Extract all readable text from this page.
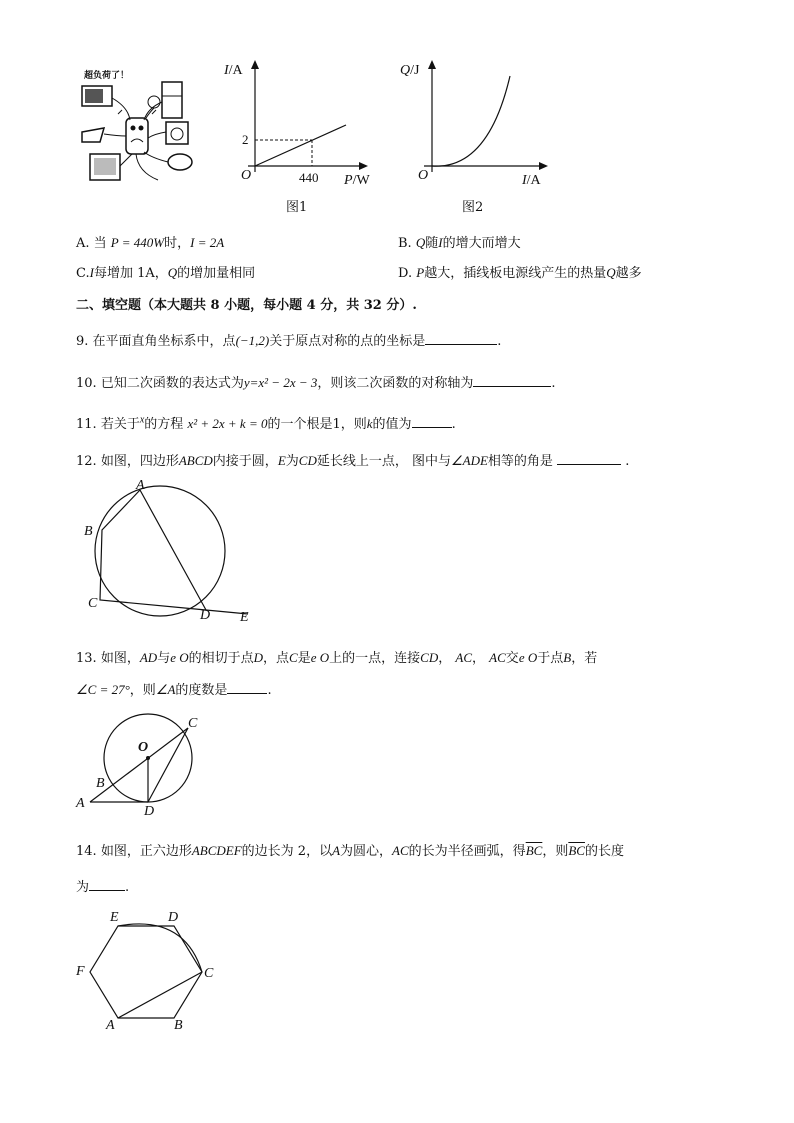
超负荷了！	I/A
2
O	440 P/W
图1
Q/J
O	I/A
图2
A. 当 P = 440W时，I = 2A	B. Q随I的增大而增大
C.I每增加 1A，Q的增加量相同	D. P越大，插线板电源线产生的热量Q越多
二、填空题（本大题共 8 小题，每小题 4 分，共 32 分）.
9. 在平面直角坐标系中，点(−1,2)关于原点对称的点的坐标是	.
10. 已知二次函数的表达式为y=x² − 2x − 3，则该二次函数的对称轴为	.
11. 若关于$^x$的方程 x² + 2x + k = 0的一个根是1，则k的值为	.
12. 如图，四边形ABCD内接于圆，E为CD延长线上一点， 图中与∠ADE相等的角是	.
A
B
C
D E
13. 如图，AD与e O的相切于点D，点C是e O上的一点，连接CD， AC， AC交e O于点B，若
∠C = 27°，则∠A的度数是	.
O
A
B
C
D
14. 如图，正六边形ABCDEF的边长为 2，以A为圆心，AC的长为半径画弧，得$\overline{BC}$，则$\overline{BC}$的长度
为	.
E	D
F	C
A	B
